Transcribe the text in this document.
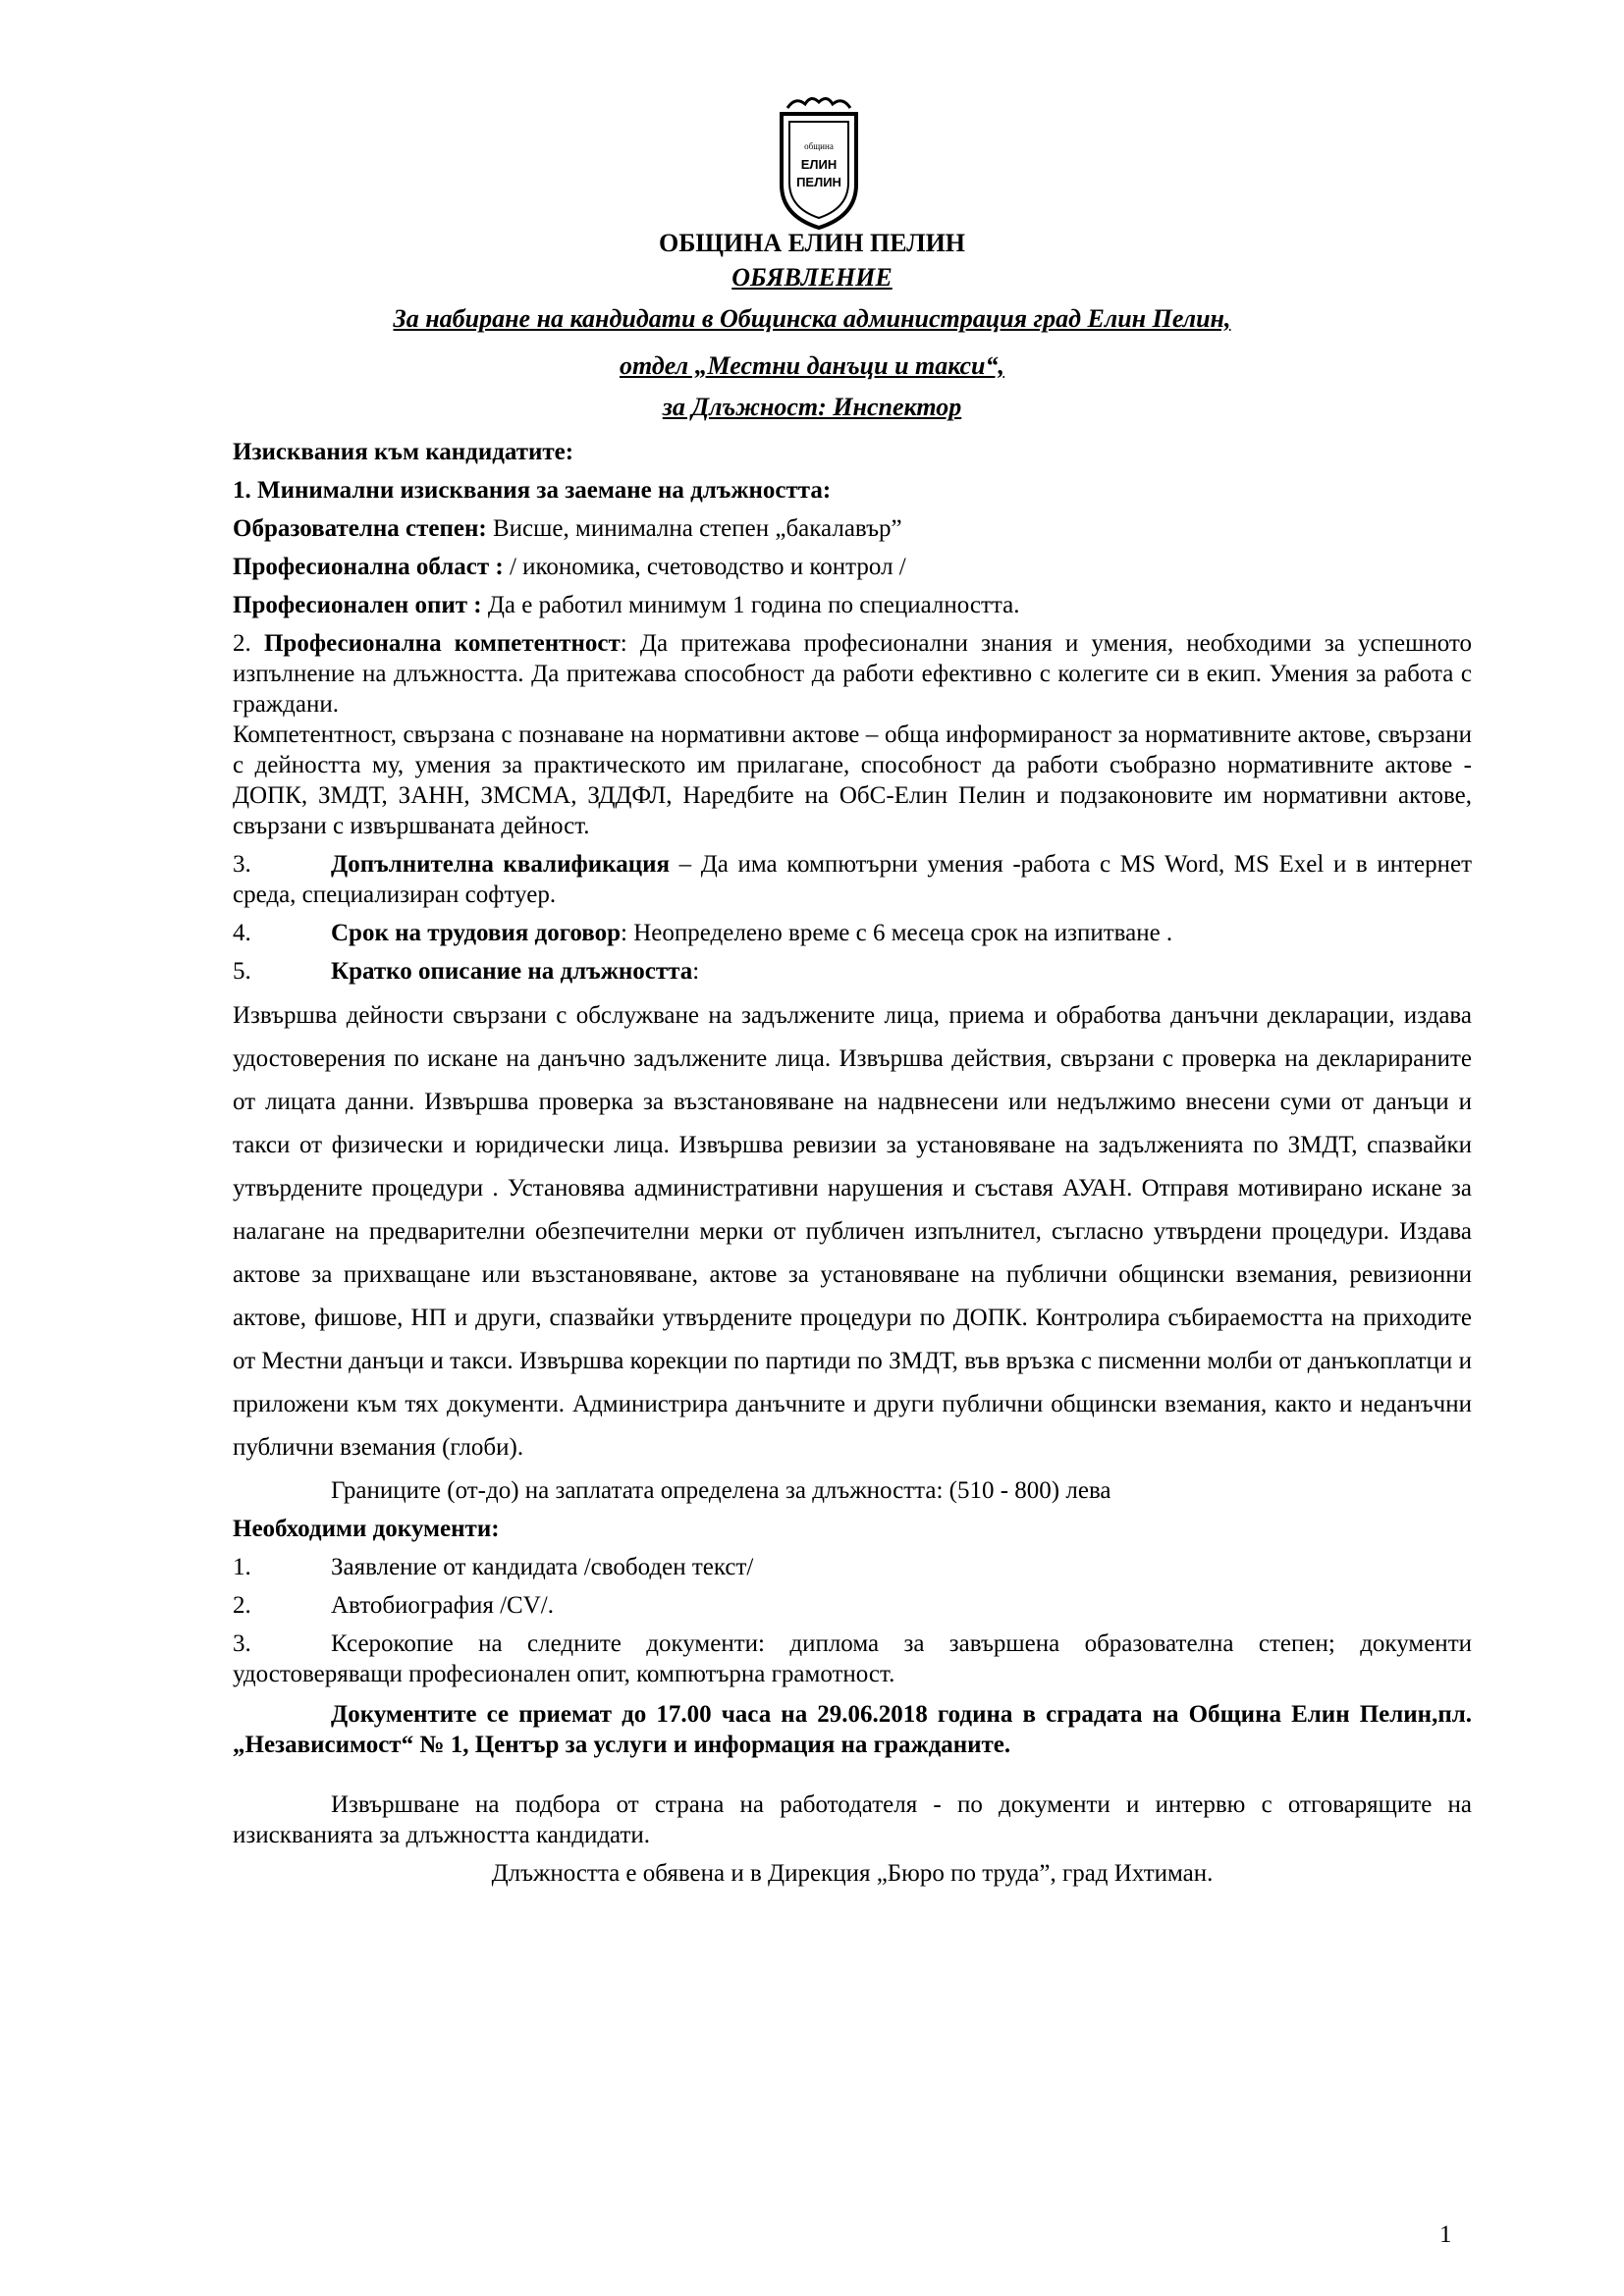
община
ЕЛИН
ПЕЛИН
ОБЩИНА ЕЛИН ПЕЛИН
ОБЯВЛЕНИЕ
За набиране на кандидати в Общинска администрация град Елин Пелин,
отдел „Местни данъци и такси“,
за Длъжност: Инспектор

Изисквания към кандидатите:

1. Минимални изисквания за заемане на длъжността:

Образователна степен: Висше, минимална степен „бакалавър”

Професионална област : / икономика, счетоводство и контрол /

Професионален опит : Да е работил минимум 1 година по специалността.

2. Професионална компетентност: Да притежава професионални знания и умения, необходими за успешното изпълнение на длъжността. Да притежава способност да работи ефективно с колегите си в екип. Умения за работа с граждани.

Компетентност, свързана с познаване на нормативни актове – обща информираност за нормативните актове, свързани с дейността му, умения за практическото им прилагане, способност да работи съобразно нормативните актове - ДОПК, ЗМДТ, ЗАНН, ЗМСМА, ЗДДФЛ, Наредбите на ОбС-Елин Пелин и подзаконовите им нормативни актове, свързани с извършваната дейност.

3.	Допълнителна квалификация – Да има компютърни умения -работа с MS Word, MS Exel и в интернет среда, специализиран софтуер.

4.	Срок на трудовия договор: Неопределено време с 6 месеца срок на изпитване .

5.	Кратко описание на длъжността:

Извършва дейности свързани с обслужване на задължените лица, приема и обработва данъчни декларации, издава удостоверения по искане на данъчно задължените лица. Извършва действия, свързани с проверка на декларираните от лицата данни. Извършва проверка за възстановяване на надвнесени или недължимо внесени суми от данъци и такси от физически и юридически лица. Извършва ревизии за установяване на задълженията по ЗМДТ, спазвайки утвърдените процедури . Установява административни нарушения и съставя АУАН. Отправя мотивирано искане за налагане на предварителни обезпечителни мерки от публичен изпълнител, съгласно утвърдени процедури. Издава актове за прихващане или възстановяване, актове за установяване на публични общински вземания, ревизионни актове, фишове, НП и други, спазвайки утвърдените процедури по ДОПК. Контролира събираемостта на приходите от Местни данъци и такси. Извършва корекции по партиди по ЗМДТ, във връзка с писменни молби от данъкоплатци и приложени към тях документи. Администрира данъчните и други публични общински вземания, както и неданъчни публични вземания (глоби).

Границите (от-до) на заплатата определена за длъжността: (510 - 800) лева

Необходими документи:

1.	Заявление от кандидата /свободен текст/

2.	Автобиография /CV/.

3.	Ксерокопие на следните документи: диплома за завършена образователна степен; документи удостоверяващи професионален опит, компютърна грамотност.

Документите се приемат до 17.00 часа на 29.06.2018 година в сградата на Община Елин Пелин,пл. „Независимост“ № 1, Център за услуги и информация на гражданите.

Извършване на подбора от страна на работодателя - по документи и интервю с отговарящите на изискванията за длъжността кандидати.

Длъжността е обявена и в Дирекция „Бюро по труда”, град Ихтиман.

1
